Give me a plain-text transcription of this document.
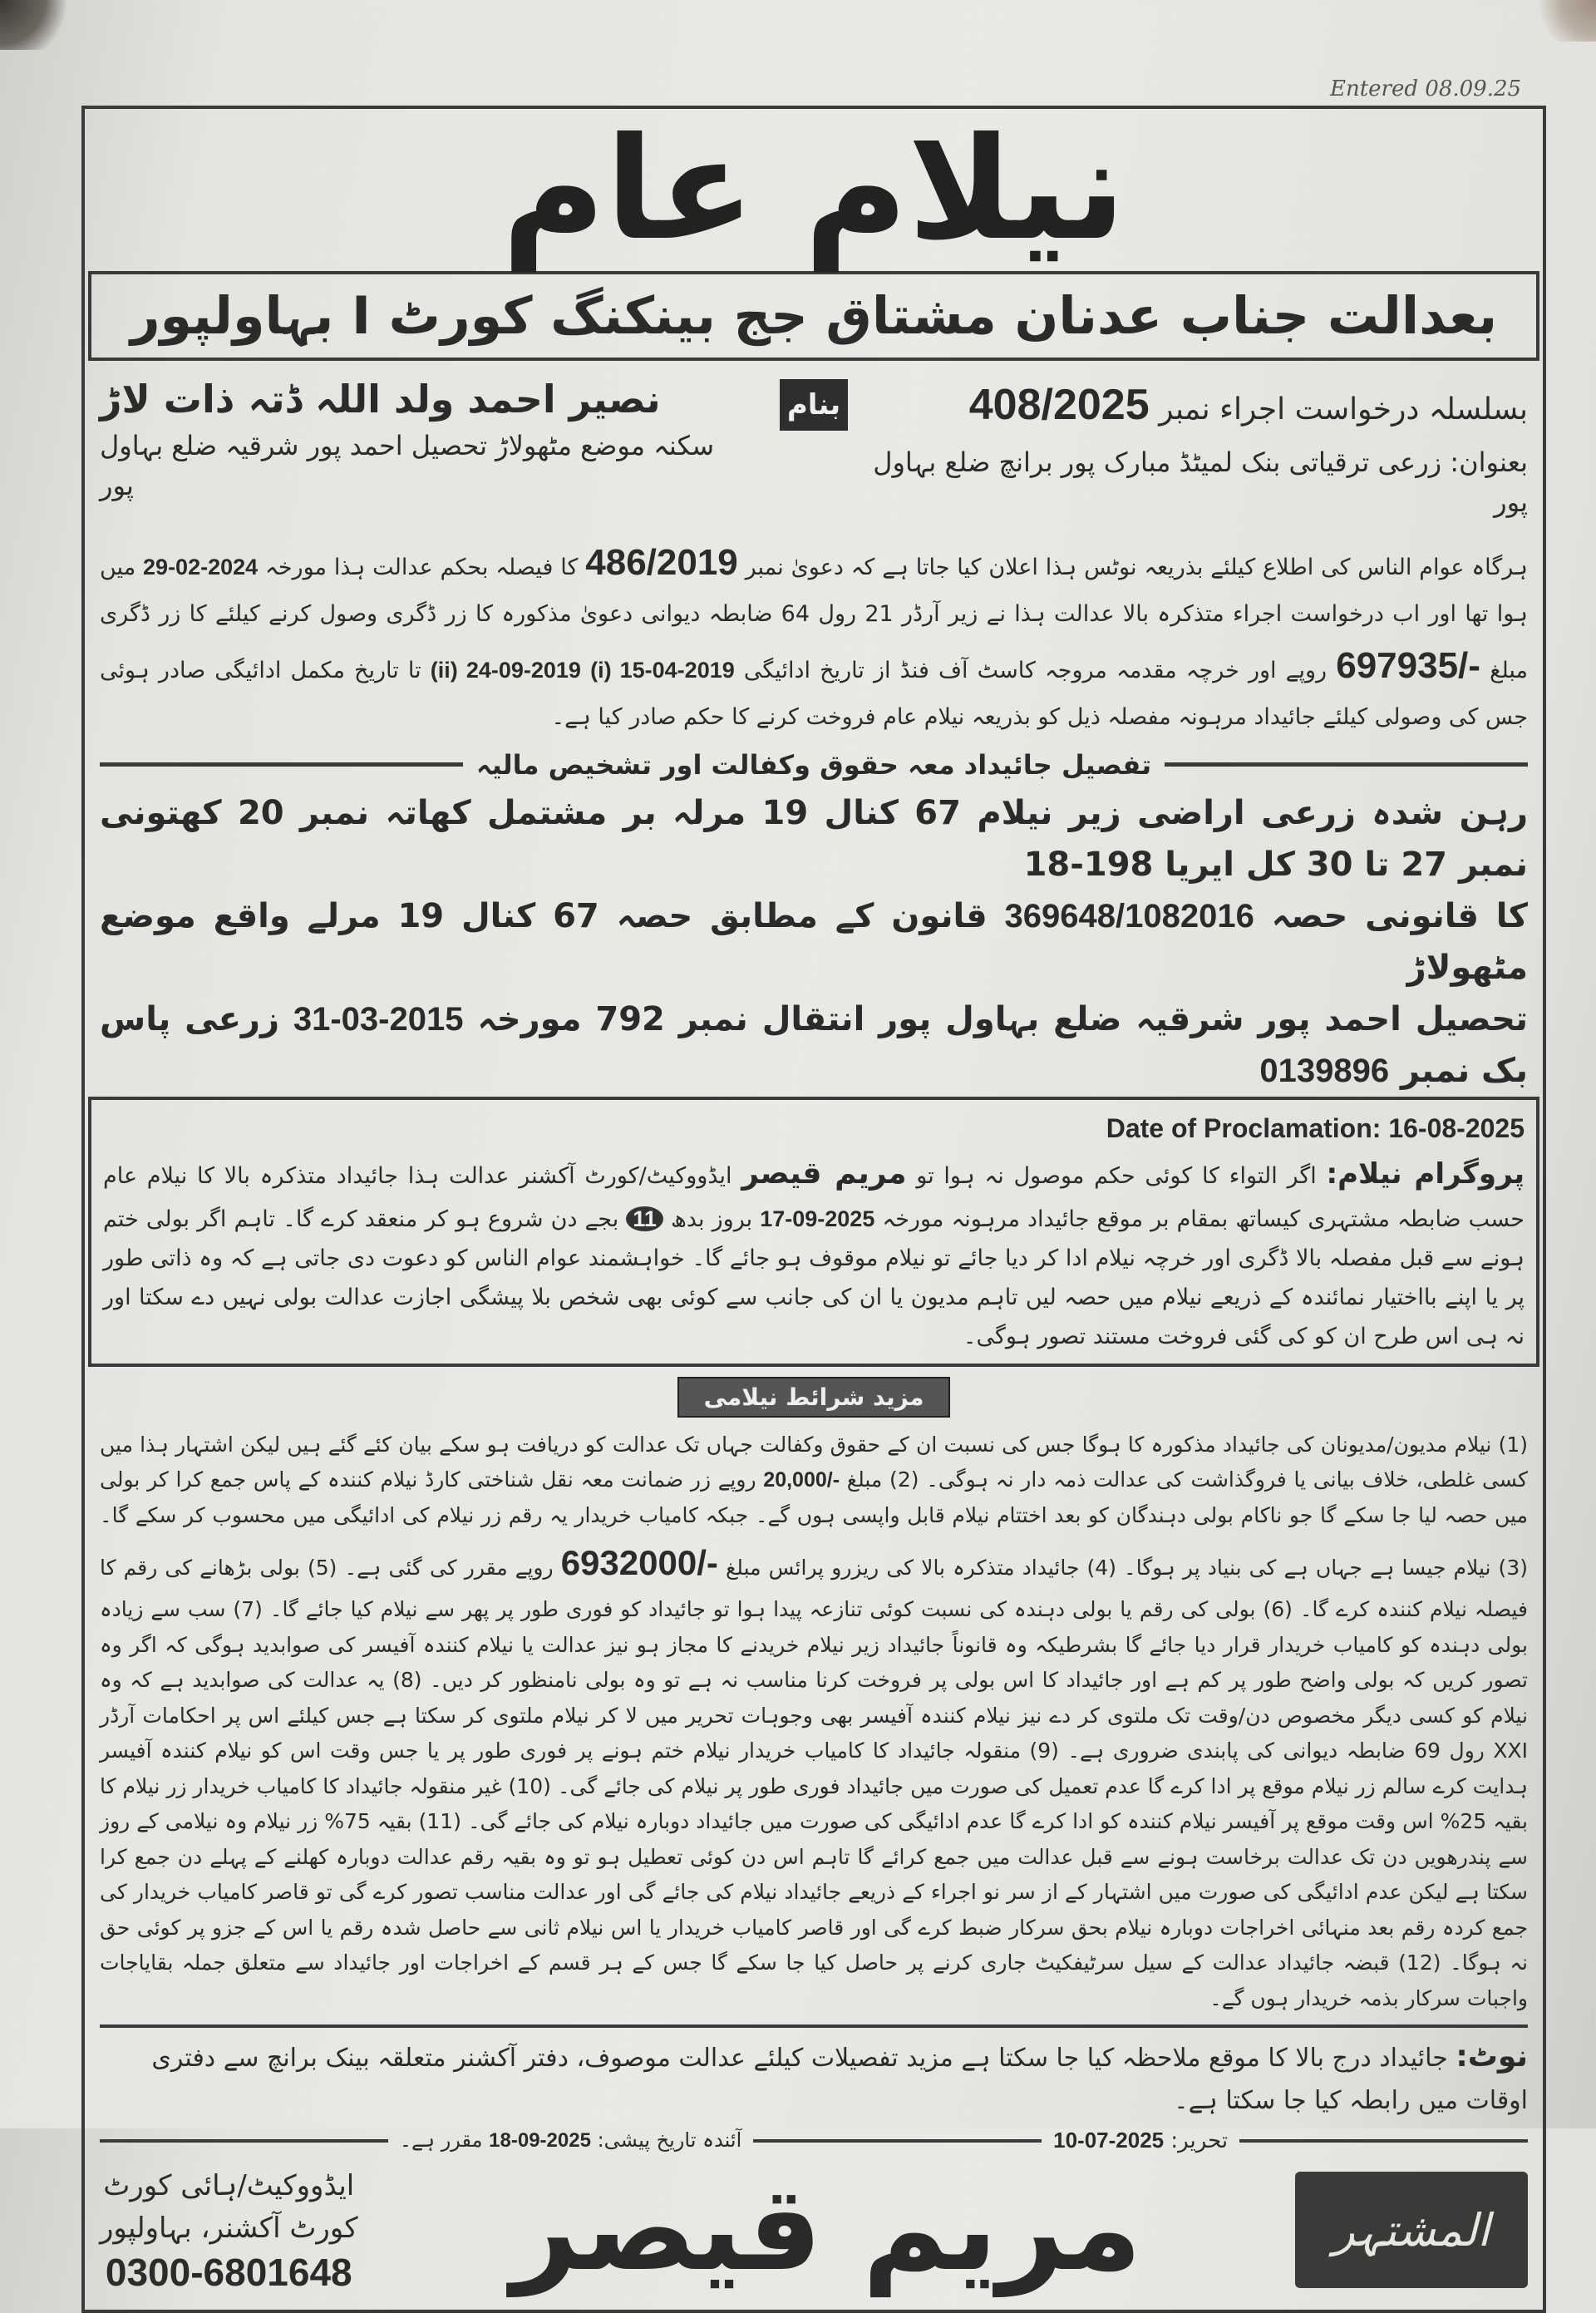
Entered 08.09.25
نیلام عام
بعدالت جناب عدنان مشتاق جج بینکنگ کورٹ I بہاولپور
بسلسلہ درخواست اجراء نمبر 408/2025
بعنوان: زرعی ترقیاتی بنک لمیٹڈ مبارک پور برانچ ضلع بہاول پور
بنام
نصیر احمد ولد اللہ ڈتہ ذات لاڑ
سکنہ موضع مٹھولاڑ تحصیل احمد پور شرقیہ ضلع بہاول پور
ہرگاہ عوام الناس کی اطلاع کیلئے بذریعہ نوٹس ہذا اعلان کیا جاتا ہے کہ دعویٰ نمبر 486/2019 کا فیصلہ بحکم عدالت ہذا مورخہ 29-02-2024 میں ہوا تھا اور اب درخواست اجراء متذکرہ بالا عدالت ہذا نے زیر آرڈر 21 رول 64 ضابطہ دیوانی دعویٰ مذکورہ کا زر ڈگری وصول کرنے کیلئے کا زر ڈگری مبلغ 697935/- روپے اور خرچہ مقدمہ مروجہ کاسٹ آف فنڈ از تاریخ ادائیگی (i) 15-04-2019 (ii) 24-09-2019 تا تاریخ مکمل ادائیگی صادر ہوئی جس کی وصولی کیلئے جائیداد مرہونہ مفصلہ ذیل کو بذریعہ نیلام عام فروخت کرنے کا حکم صادر کیا ہے۔
تفصیل جائیداد معہ حقوق وکفالت اور تشخیص مالیہ
رہن شدہ زرعی اراضی زیر نیلام 67 کنال 19 مرلہ بر مشتمل کھاتہ نمبر 20 کھتونی نمبر 27 تا 30 کل ایریا 198-18
کا قانونی حصہ 369648/1082016 قانون کے مطابق حصہ 67 کنال 19 مرلے واقع موضع مٹھولاڑ
تحصیل احمد پور شرقیہ ضلع بہاول پور انتقال نمبر 792 مورخہ 31-03-2015 زرعی پاس بک نمبر 0139896
Date of Proclamation: 16-08-2025
پروگرام نیلام: اگر التواء کا کوئی حکم موصول نہ ہوا تو مریم قیصر ایڈووکیٹ/کورٹ آکشنر عدالت ہذا جائیداد متذکرہ بالا کا نیلام عام حسب ضابطہ مشتہری کیساتھ بمقام بر موقع جائیداد مرہونہ مورخہ 17-09-2025 بروز بدھ 11 بجے دن شروع ہو کر منعقد کرے گا۔ تاہم اگر بولی ختم ہونے سے قبل مفصلہ بالا ڈگری اور خرچہ نیلام ادا کر دیا جائے تو نیلام موقوف ہو جائے گا۔ خواہشمند عوام الناس کو دعوت دی جاتی ہے کہ وہ ذاتی طور پر یا اپنے بااختیار نمائندہ کے ذریعے نیلام میں حصہ لیں تاہم مدیون یا ان کی جانب سے کوئی بھی شخص بلا پیشگی اجازت عدالت بولی نہیں دے سکتا اور نہ ہی اس طرح ان کو کی گئی فروخت مستند تصور ہوگی۔
مزید شرائط نیلامی

(1) نیلام مدیون/مدیونان کی جائیداد مذکورہ کا ہوگا جس کی نسبت ان کے حقوق وکفالت جہاں تک عدالت کو دریافت ہو سکے بیان کئے گئے ہیں لیکن اشتہار ہذا میں کسی غلطی، خلاف بیانی یا فروگذاشت کی عدالت ذمہ دار نہ ہوگی۔

(2) مبلغ 20,000/- روپے زر ضمانت معہ نقل شناختی کارڈ نیلام کنندہ کے پاس جمع کرا کر بولی میں حصہ لیا جا سکے گا جو ناکام بولی دہندگان کو بعد اختتام نیلام قابل واپسی ہوں گے۔ جبکہ کامیاب خریدار یہ رقم زر نیلام کی ادائیگی

میں محسوب کر سکے گا۔ (3) نیلام جیسا ہے جہاں ہے کی بنیاد پر ہوگا۔ (4) جائیداد متذکرہ بالا کی ریزرو پرائس مبلغ 6932000/- روپے مقرر کی گئی ہے۔ (5) بولی بڑھانے کی رقم کا فیصلہ نیلام کنندہ کرے گا۔ (6) بولی کی رقم

یا بولی دہندہ کی نسبت کوئی تنازعہ پیدا ہوا تو جائیداد کو فوری طور پر پھر سے نیلام کیا جائے گا۔ (7) سب سے زیادہ بولی دہندہ کو کامیاب خریدار قرار دیا جائے گا بشرطیکہ وہ قانوناً جائیداد زیر نیلام خریدنے کا مجاز ہو نیز عدالت یا نیلام

کنندہ آفیسر کی صوابدید ہوگی کہ اگر وہ تصور کریں کہ بولی واضح طور پر کم ہے اور جائیداد کا اس بولی پر فروخت کرنا مناسب نہ ہے تو وہ بولی نامنظور کر دیں۔ (8) یہ عدالت کی صوابدید ہے کہ وہ نیلام کو کسی دیگر مخصوص دن/وقت تک

ملتوی کر دے نیز نیلام کنندہ آفیسر بھی وجوہات تحریر میں لا کر نیلام ملتوی کر سکتا ہے جس کیلئے اس پر احکامات آرڈر XXI رول 69 ضابطہ دیوانی کی پابندی ضروری ہے۔ (9) منقولہ جائیداد کا کامیاب خریدار نیلام ختم ہونے پر فوری

طور پر یا جس وقت اس کو نیلام کنندہ آفیسر ہدایت کرے سالم زر نیلام موقع پر ادا کرے گا عدم تعمیل کی صورت میں جائیداد فوری طور پر نیلام کی جائے گی۔ (10) غیر منقولہ جائیداد کا کامیاب خریدار زر نیلام کا بقیہ 25% اس

وقت موقع پر آفیسر نیلام کنندہ کو ادا کرے گا عدم ادائیگی کی صورت میں جائیداد دوبارہ نیلام کی جائے گی۔ (11) بقیہ 75% زر نیلام وہ نیلامی کے روز سے پندرھویں دن تک عدالت برخاست ہونے سے قبل عدالت میں جمع کرائے

گا تاہم اس دن کوئی تعطیل ہو تو وہ بقیہ رقم عدالت دوبارہ کھلنے کے پہلے دن جمع کرا سکتا ہے لیکن عدم ادائیگی کی صورت میں اشتہار کے از سر نو اجراء کے ذریعے جائیداد نیلام کی جائے گی اور عدالت مناسب تصور کرے گی تو قاصر

کامیاب خریدار کی جمع کردہ رقم بعد منہائی اخراجات دوبارہ نیلام بحق سرکار ضبط کرے گی اور قاصر کامیاب خریدار یا اس نیلام ثانی سے حاصل شدہ رقم یا اس کے جزو پر کوئی حق نہ ہوگا۔ (12) قبضہ جائیداد عدالت کے سیل سرٹیفکیٹ

جاری کرنے پر حاصل کیا جا سکے گا جس کے ہر قسم کے اخراجات اور جائیداد سے

متعلق جملہ بقایاجات واجبات سرکار بذمہ خریدار ہوں گے۔

نوٹ: جائیداد درج بالا کا موقع ملاحظہ کیا جا سکتا ہے مزید تفصیلات کیلئے عدالت موصوف، دفتر آکشنر متعلقہ بینک برانچ سے دفتری اوقات میں رابطہ کیا جا سکتا ہے۔
تحریر: 10-07-2025
آئندہ تاریخ پیشی: 18-09-2025 مقرر ہے۔
المشتہر
مریم قیصر
ایڈووکیٹ/ہائی کورٹ
کورٹ آکشنر، بہاولپور
0300-6801648
